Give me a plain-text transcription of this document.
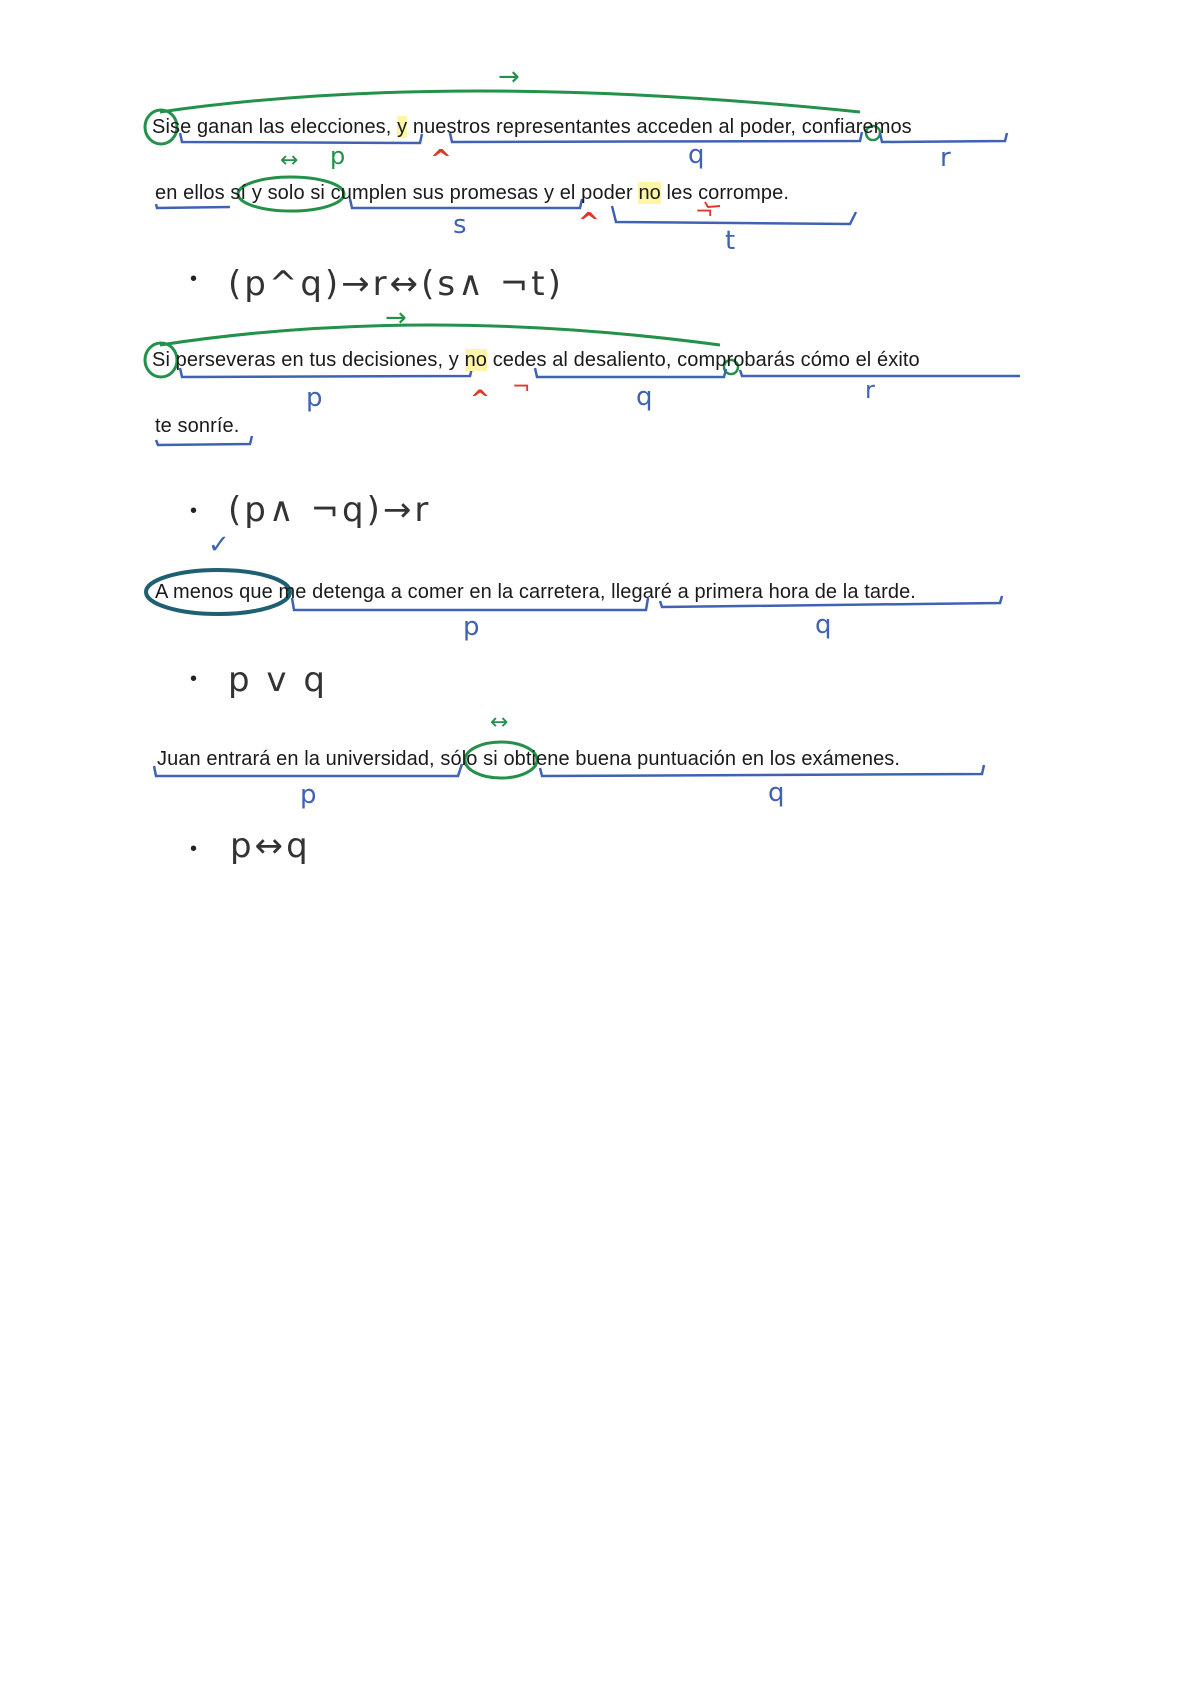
→
Sise ganan las elecciones, y nuestros representantes acceden al poder, confiaremos
↔ p	^	q	r
en ellos sí y solo si cumplen sus promesas y el poder no les corrompe.
s	^	¬
t
• (p^q)→r↔(s∧ ¬t)
→
Si perseveras en tus decisiones, y no cedes al desaliento, comprobarás cómo el éxito
p	^ ¬	q	r
te sonríe.
• (p∧ ¬q)→r
✓
A menos que me detenga a comer en la carretera, llegaré a primera hora de la tarde.
p	q
• p v q
↔
Juan entrará en la universidad, sólo si obtiene buena puntuación en los exámenes.
p	q
• p↔q
